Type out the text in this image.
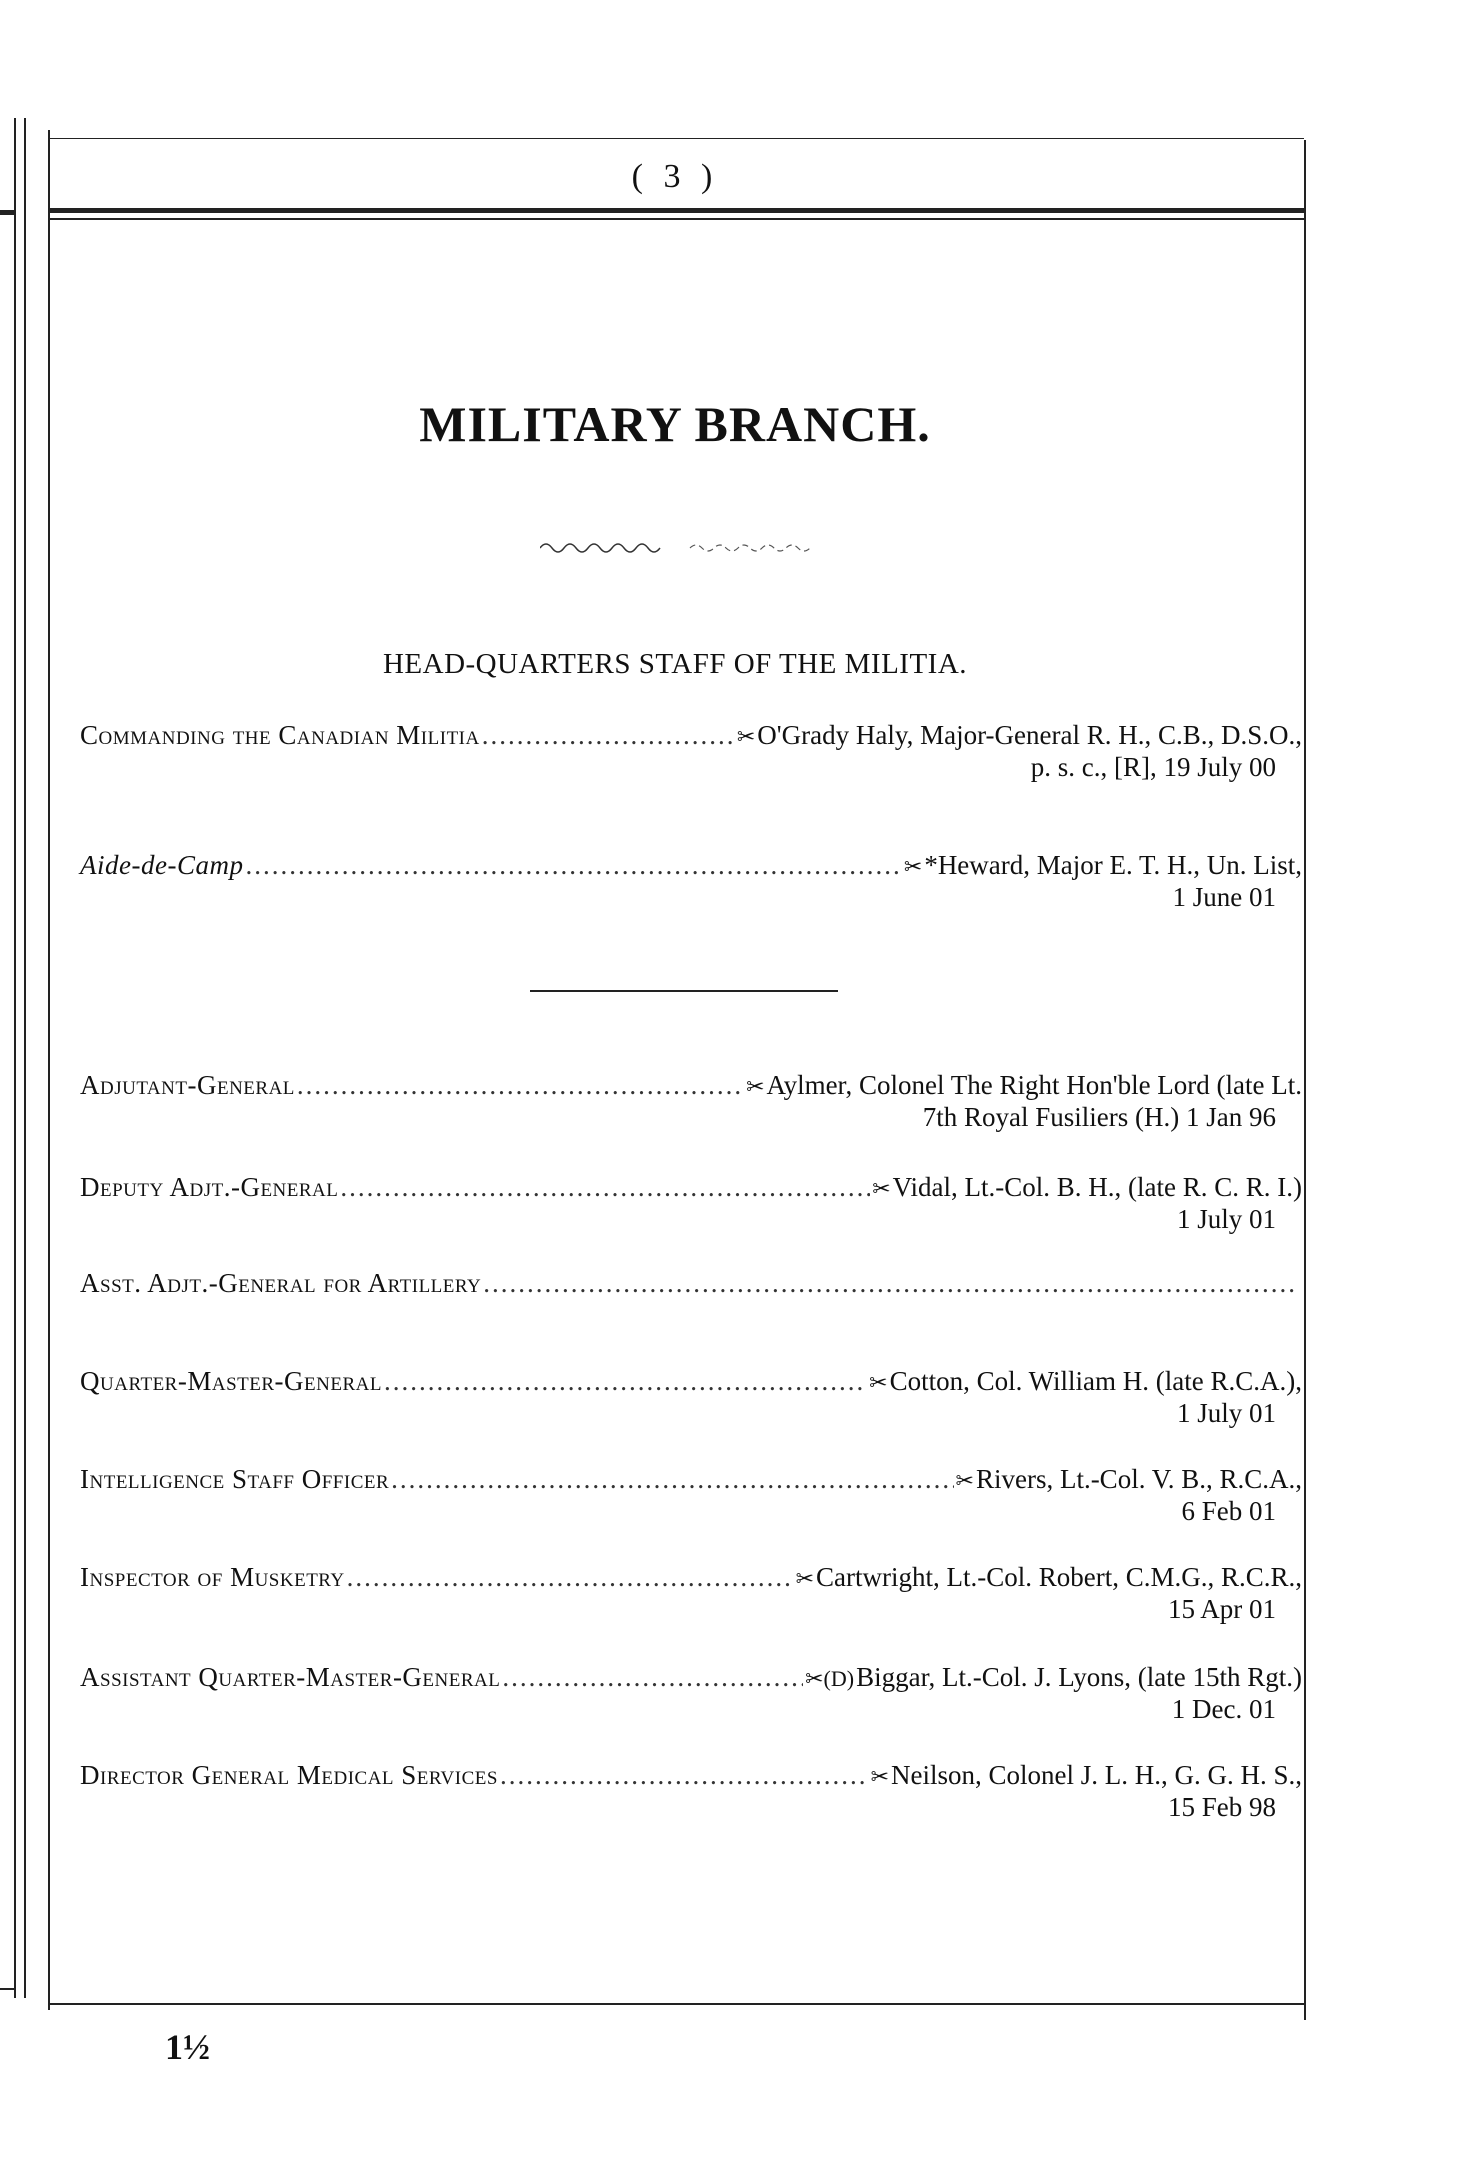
( 3 )
MILITARY BRANCH.
HEAD-QUARTERS STAFF OF THE MILITIA.
Commanding the Canadian Militia .....	✂ O'Grady Haly, Major-General R. H., C.B., D.S.O.,
p. s. c., [R], 19 July 00
Aide-de-Camp .....	✂ *Heward, Major E. T. H., Un. List,
1 June 01
Adjutant-General .....	✂ Aylmer, Colonel The Right Hon'ble Lord (late Lt.
7th Royal Fusiliers (H.) 1 Jan 96
Deputy Adjt.-General .....	✂ Vidal, Lt.-Col. B. H., (late R. C. R. I.)
1 July 01
Asst. Adjt.-General for Artillery
.....
Quarter-Master-General .....	✂ Cotton, Col. William H. (late R.C.A.),
1 July 01
Intelligence Staff Officer .....	✂ Rivers, Lt.-Col. V. B., R.C.A.,
6 Feb 01
Inspector of Musketry .....	✂ Cartwright, Lt.-Col. Robert, C.M.G., R.C.R.,
15 Apr 01
Assistant Quarter-Master-General .....	✂(D) Biggar, Lt.-Col. J. Lyons, (late 15th Rgt.)
1 Dec. 01
Director General Medical Services .....	✂ Neilson, Colonel J. L. H., G. G. H. S.,
15 Feb 98
1½
